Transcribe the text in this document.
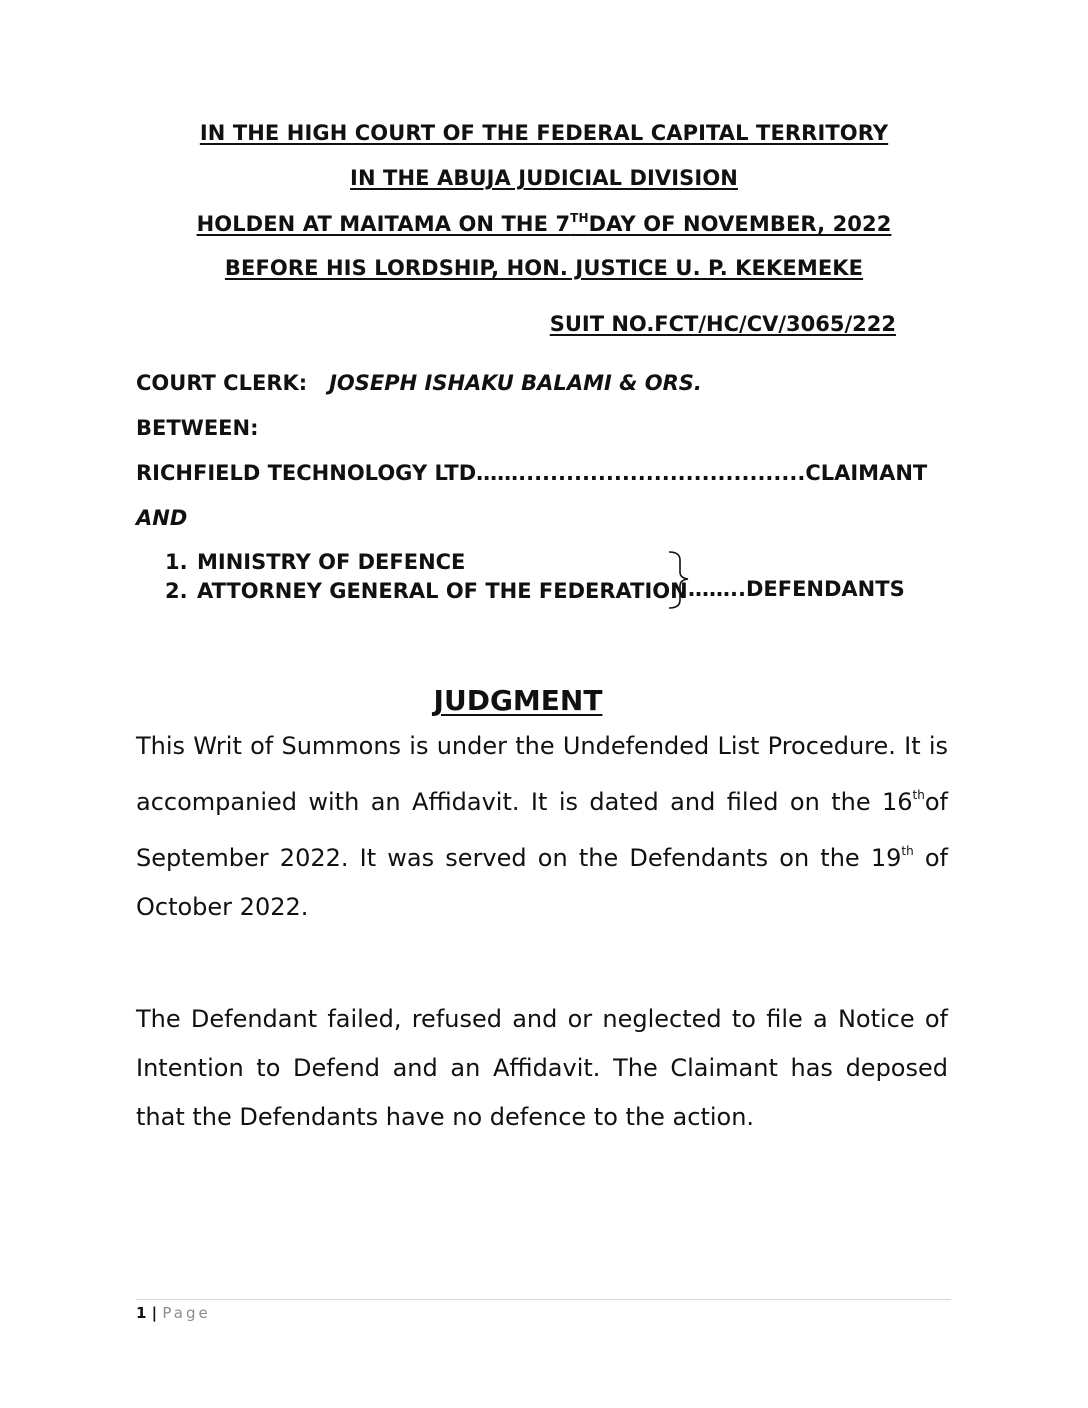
IN THE HIGH COURT OF THE FEDERAL CAPITAL TERRITORY
IN THE ABUJA JUDICIAL DIVISION
HOLDEN AT MAITAMA ON THE 7THDAY OF NOVEMBER, 2022
BEFORE HIS LORDSHIP, HON. JUSTICE U. P. KEKEMEKE
SUIT NO.FCT/HC/CV/3065/222
COURT CLERK: JOSEPH ISHAKU BALAMI & ORS.
BETWEEN:
RICHFIELD TECHNOLOGY LTD……....................................CLAIMANT
AND
1. MINISTRY OF DEFENCE
2. ATTORNEY GENERAL OF THE FEDERATION ……..DEFENDANTS
JUDGMENT
This Writ of Summons is under the Undefended List Procedure. It is accompanied with an Affidavit. It is dated and filed on the 16thof September 2022. It was served on the Defendants on the 19th of October 2022.
The Defendant failed, refused and or neglected to file a Notice of Intention to Defend and an Affidavit. The Claimant has deposed that the Defendants have no defence to the action.
1 | Page
